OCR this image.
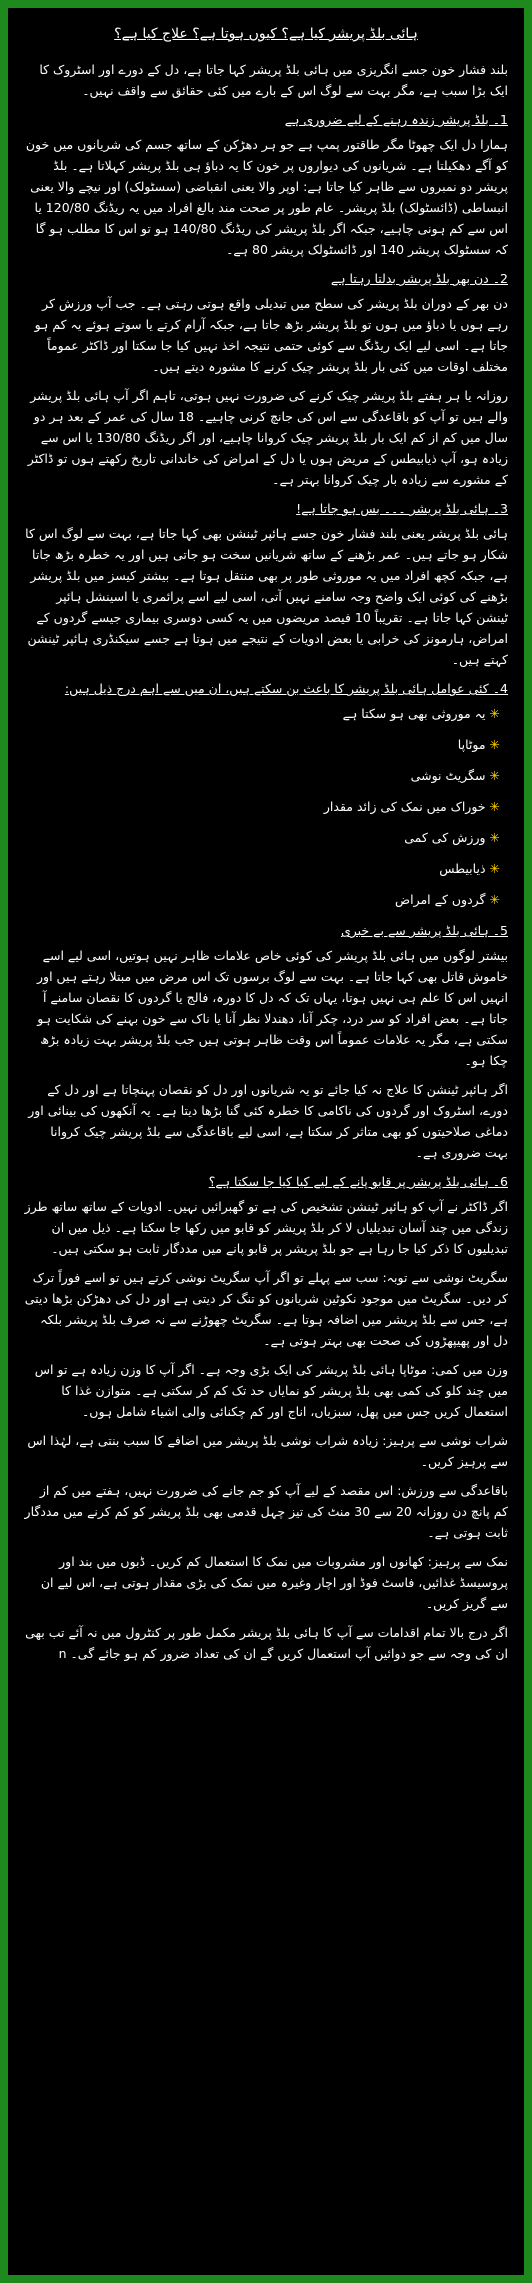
ہائی بلڈ پریشر کیا ہے؟ کیوں ہوتا ہے؟ علاج کیا ہے؟

بلند فشار خون جسے انگریزی میں ہائی بلڈ پریشر کہا جاتا ہے، دل کے دورے اور اسٹروک کا ایک بڑا سبب ہے، مگر بہت سے لوگ اس کے بارے میں کئی حقائق سے واقف نہیں۔

1۔ بلڈ پریشر زندہ رہنے کے لیے ضروری ہے

ہمارا دل ایک چھوٹا مگر طاقتور پمپ ہے جو ہر دھڑکن کے ساتھ جسم کی شریانوں میں خون کو آگے دھکیلتا ہے۔ شریانوں کی دیواروں پر خون کا یہ دباؤ ہی بلڈ پریشر کہلاتا ہے۔ بلڈ پریشر دو نمبروں سے ظاہر کیا جاتا ہے: اوپر والا یعنی انقباضی (سسٹولک) اور نیچے والا یعنی انبساطی (ڈائسٹولک) بلڈ پریشر۔ عام طور پر صحت مند بالغ افراد میں یہ ریڈنگ 120/80 یا اس سے کم ہونی چاہیے، جبکہ اگر بلڈ پریشر کی ریڈنگ 140/80 ہو تو اس کا مطلب ہو گا کہ سسٹولک پریشر 140 اور ڈائسٹولک پریشر 80 ہے۔

2۔ دن بھر بلڈ پریشر بدلتا رہتا ہے

دن بھر کے دوران بلڈ پریشر کی سطح میں تبدیلی واقع ہوتی رہتی ہے۔ جب آپ ورزش کر رہے ہوں یا دباؤ میں ہوں تو بلڈ پریشر بڑھ جاتا ہے، جبکہ آرام کرتے یا سوتے ہوئے یہ کم ہو جاتا ہے۔ اسی لیے ایک ریڈنگ سے کوئی حتمی نتیجہ اخذ نہیں کیا جا سکتا اور ڈاکٹر عموماً مختلف اوقات میں کئی بار بلڈ پریشر چیک کرنے کا مشورہ دیتے ہیں۔

روزانہ یا ہر ہفتے بلڈ پریشر چیک کرنے کی ضرورت نہیں ہوتی، تاہم اگر آپ ہائی بلڈ پریشر والے ہیں تو آپ کو باقاعدگی سے اس کی جانچ کرنی چاہیے۔ 18 سال کی عمر کے بعد ہر دو سال میں کم از کم ایک بار بلڈ پریشر چیک کروانا چاہیے، اور اگر ریڈنگ 130/80 یا اس سے زیادہ ہو، آپ ذیابیطس کے مریض ہوں یا دل کے امراض کی خاندانی تاریخ رکھتے ہوں تو ڈاکٹر کے مشورے سے زیادہ بار چیک کروانا بہتر ہے۔

3۔ ہائی بلڈ پریشر ۔۔۔ بس ہو جاتا ہے!

ہائی بلڈ پریشر یعنی بلند فشار خون جسے ہائپر ٹینشن بھی کہا جاتا ہے، بہت سے لوگ اس کا شکار ہو جاتے ہیں۔ عمر بڑھنے کے ساتھ شریانیں سخت ہو جاتی ہیں اور یہ خطرہ بڑھ جاتا ہے، جبکہ کچھ افراد میں یہ موروثی طور پر بھی منتقل ہوتا ہے۔ بیشتر کیسز میں بلڈ پریشر بڑھنے کی کوئی ایک واضح وجہ سامنے نہیں آتی، اسی لیے اسے پرائمری یا اسینشل ہائپر ٹینشن کہا جاتا ہے۔ تقریباً 10 فیصد مریضوں میں یہ کسی دوسری بیماری جیسے گردوں کے امراض، ہارمونز کی خرابی یا بعض ادویات کے نتیجے میں ہوتا ہے جسے سیکنڈری ہائپر ٹینشن کہتے ہیں۔

4۔ کئی عوامل ہائی بلڈ پریشر کا باعث بن سکتے ہیں، ان میں سے اہم درج ذیل ہیں:
✳یہ موروثی بھی ہو سکتا ہے
✳موٹاپا
✳سگریٹ نوشی
✳خوراک میں نمک کی زائد مقدار
✳ورزش کی کمی
✳ذیابیطس
✳گردوں کے امراض
5۔ ہائی بلڈ پریشر سے بے خبری

بیشتر لوگوں میں ہائی بلڈ پریشر کی کوئی خاص علامات ظاہر نہیں ہوتیں، اسی لیے اسے خاموش قاتل بھی کہا جاتا ہے۔ بہت سے لوگ برسوں تک اس مرض میں مبتلا رہتے ہیں اور انہیں اس کا علم ہی نہیں ہوتا، یہاں تک کہ دل کا دورہ، فالج یا گردوں کا نقصان سامنے آ جاتا ہے۔ بعض افراد کو سر درد، چکر آنا، دھندلا نظر آنا یا ناک سے خون بہنے کی شکایت ہو سکتی ہے، مگر یہ علامات عموماً اس وقت ظاہر ہوتی ہیں جب بلڈ پریشر بہت زیادہ بڑھ چکا ہو۔

اگر ہائپر ٹینشن کا علاج نہ کیا جائے تو یہ شریانوں اور دل کو نقصان پہنچاتا ہے اور دل کے دورے، اسٹروک اور گردوں کی ناکامی کا خطرہ کئی گنا بڑھا دیتا ہے۔ یہ آنکھوں کی بینائی اور دماغی صلاحیتوں کو بھی متاثر کر سکتا ہے، اسی لیے باقاعدگی سے بلڈ پریشر چیک کروانا بہت ضروری ہے۔

6۔ ہائی بلڈ پریشر پر قابو پانے کے لیے کیا کیا جا سکتا ہے؟

اگر ڈاکٹر نے آپ کو ہائپر ٹینشن تشخیص کی ہے تو گھبرائیں نہیں۔ ادویات کے ساتھ ساتھ طرز زندگی میں چند آسان تبدیلیاں لا کر بلڈ پریشر کو قابو میں رکھا جا سکتا ہے۔ ذیل میں ان تبدیلیوں کا ذکر کیا جا رہا ہے جو بلڈ پریشر پر قابو پانے میں مددگار ثابت ہو سکتی ہیں۔

سگریٹ نوشی سے توبہ: سب سے پہلے تو اگر آپ سگریٹ نوشی کرتے ہیں تو اسے فوراً ترک کر دیں۔ سگریٹ میں موجود نکوٹین شریانوں کو تنگ کر دیتی ہے اور دل کی دھڑکن بڑھا دیتی ہے، جس سے بلڈ پریشر میں اضافہ ہوتا ہے۔ سگریٹ چھوڑنے سے نہ صرف بلڈ پریشر بلکہ دل اور پھیپھڑوں کی صحت بھی بہتر ہوتی ہے۔

وزن میں کمی: موٹاپا ہائی بلڈ پریشر کی ایک بڑی وجہ ہے۔ اگر آپ کا وزن زیادہ ہے تو اس میں چند کلو کی کمی بھی بلڈ پریشر کو نمایاں حد تک کم کر سکتی ہے۔ متوازن غذا کا استعمال کریں جس میں پھل، سبزیاں، اناج اور کم چکنائی والی اشیاء شامل ہوں۔

شراب نوشی سے پرہیز: زیادہ شراب نوشی بلڈ پریشر میں اضافے کا سبب بنتی ہے، لہٰذا اس سے پرہیز کریں۔

باقاعدگی سے ورزش: اس مقصد کے لیے آپ کو جم جانے کی ضرورت نہیں، ہفتے میں کم از کم پانچ دن روزانہ 20 سے 30 منٹ کی تیز چہل قدمی بھی بلڈ پریشر کو کم کرنے میں مددگار ثابت ہوتی ہے۔

نمک سے پرہیز: کھانوں اور مشروبات میں نمک کا استعمال کم کریں۔ ڈبوں میں بند اور پروسیسڈ غذائیں، فاسٹ فوڈ اور اچار وغیرہ میں نمک کی بڑی مقدار ہوتی ہے، اس لیے ان سے گریز کریں۔

اگر درج بالا تمام اقدامات سے آپ کا ہائی بلڈ پریشر مکمل طور پر کنٹرول میں نہ آئے تب بھی ان کی وجہ سے جو دوائیں آپ استعمال کریں گے ان کی تعداد ضرور کم ہو جائے گی۔ n
